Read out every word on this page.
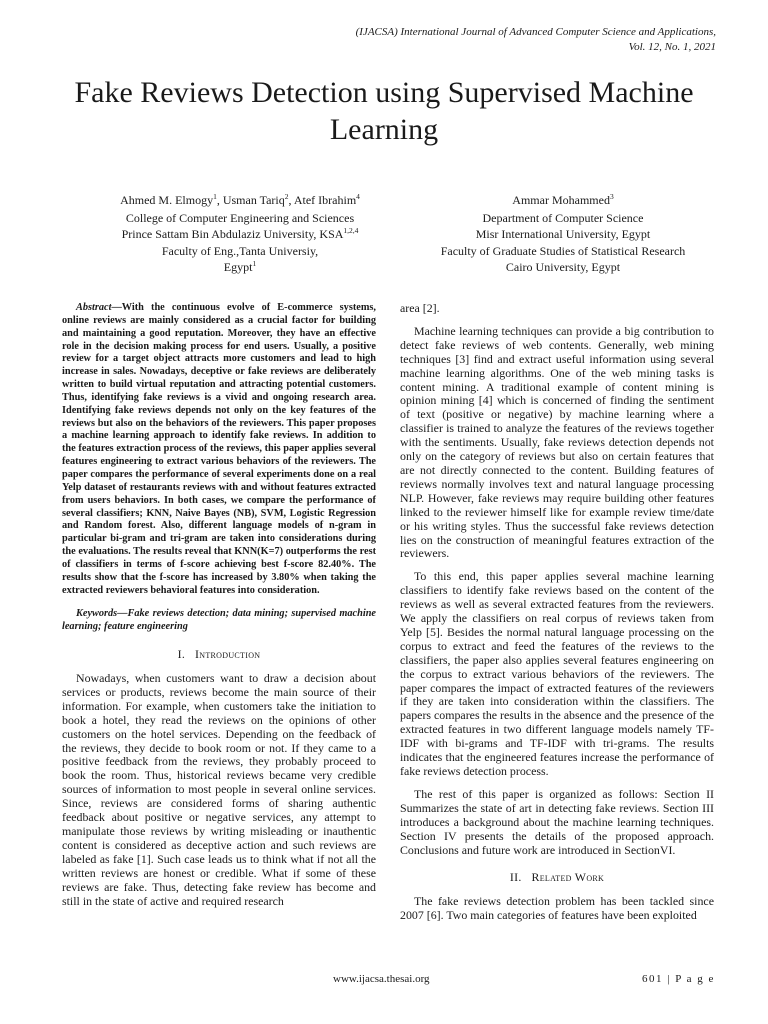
(IJACSA) International Journal of Advanced Computer Science and Applications,
Vol. 12, No. 1, 2021
Fake Reviews Detection using Supervised Machine Learning
Ahmed M. Elmogy$^1$, Usman Tariq$^2$, Atef Ibrahim$^4$
College of Computer Engineering and Sciences
Prince Sattam Bin Abdulaziz University, KSA$^{1,2,4}$
Faculty of Eng.,Tanta Universiy,
Egypt$^1$
Ammar Mohammed$^3$
Department of Computer Science
Misr International University, Egypt
Faculty of Graduate Studies of Statistical Research
Cairo University, Egypt

Abstract—With the continuous evolve of E-commerce systems, online reviews are mainly considered as a crucial factor for building and maintaining a good reputation. Moreover, they have an effective role in the decision making process for end users. Usually, a positive review for a target object attracts more customers and lead to high increase in sales. Nowadays, deceptive or fake reviews are deliberately written to build virtual reputation and attracting potential customers. Thus, identifying fake reviews is a vivid and ongoing research area. Identifying fake reviews depends not only on the key features of the reviews but also on the behaviors of the reviewers. This paper proposes a machine learning approach to identify fake reviews. In addition to the features extraction process of the reviews, this paper applies several features engineering to extract various behaviors of the reviewers. The paper compares the performance of several experiments done on a real Yelp dataset of restaurants reviews with and without features extracted from users behaviors. In both cases, we compare the performance of several classifiers; KNN, Naive Bayes (NB), SVM, Logistic Regression and Random forest. Also, different language models of n-gram in particular bi-gram and tri-gram are taken into considerations during the evaluations. The results reveal that KNN(K=7) outperforms the rest of classifiers in terms of f-score achieving best f-score 82.40%. The results show that the f-score has increased by 3.80% when taking the extracted reviewers behavioral features into consideration.

Keywords—Fake reviews detection; data mining; supervised machine learning; feature engineering

I. Introduction

Nowadays, when customers want to draw a decision about services or products, reviews become the main source of their information. For example, when customers take the initiation to book a hotel, they read the reviews on the opinions of other customers on the hotel services. Depending on the feedback of the reviews, they decide to book room or not. If they came to a positive feedback from the reviews, they probably proceed to book the room. Thus, historical reviews became very credible sources of information to most people in several online services. Since, reviews are considered forms of sharing authentic feedback about positive or negative services, any attempt to manipulate those reviews by writing misleading or inauthentic content is considered as deceptive action and such reviews are labeled as fake [1]. Such case leads us to think what if not all the written reviews are honest or credible. What if some of these reviews are fake. Thus, detecting fake review has become and still in the state of active and required research

area [2].

Machine learning techniques can provide a big contribution to detect fake reviews of web contents. Generally, web mining techniques [3] find and extract useful information using several machine learning algorithms. One of the web mining tasks is content mining. A traditional example of content mining is opinion mining [4] which is concerned of finding the sentiment of text (positive or negative) by machine learning where a classifier is trained to analyze the features of the reviews together with the sentiments. Usually, fake reviews detection depends not only on the category of reviews but also on certain features that are not directly connected to the content. Building features of reviews normally involves text and natural language processing NLP. However, fake reviews may require building other features linked to the reviewer himself like for example review time/date or his writing styles. Thus the successful fake reviews detection lies on the construction of meaningful features extraction of the reviewers.

To this end, this paper applies several machine learning classifiers to identify fake reviews based on the content of the reviews as well as several extracted features from the reviewers. We apply the classifiers on real corpus of reviews taken from Yelp [5]. Besides the normal natural language processing on the corpus to extract and feed the features of the reviews to the classifiers, the paper also applies several features engineering on the corpus to extract various behaviors of the reviewers. The paper compares the impact of extracted features of the reviewers if they are taken into consideration within the classifiers. The papers compares the results in the absence and the presence of the extracted features in two different language models namely TF-IDF with bi-grams and TF-IDF with tri-grams. The results indicates that the engineered features increase the performance of fake reviews detection process.

The rest of this paper is organized as follows: Section II Summarizes the state of art in detecting fake reviews. Section III introduces a background about the machine learning techniques. Section IV presents the details of the proposed approach. Conclusions and future work are introduced in SectionVI.

II. Related Work

The fake reviews detection problem has been tackled since 2007 [6]. Two main categories of features have been exploited

www.ijacsa.thesai.org	601 | P a g e
